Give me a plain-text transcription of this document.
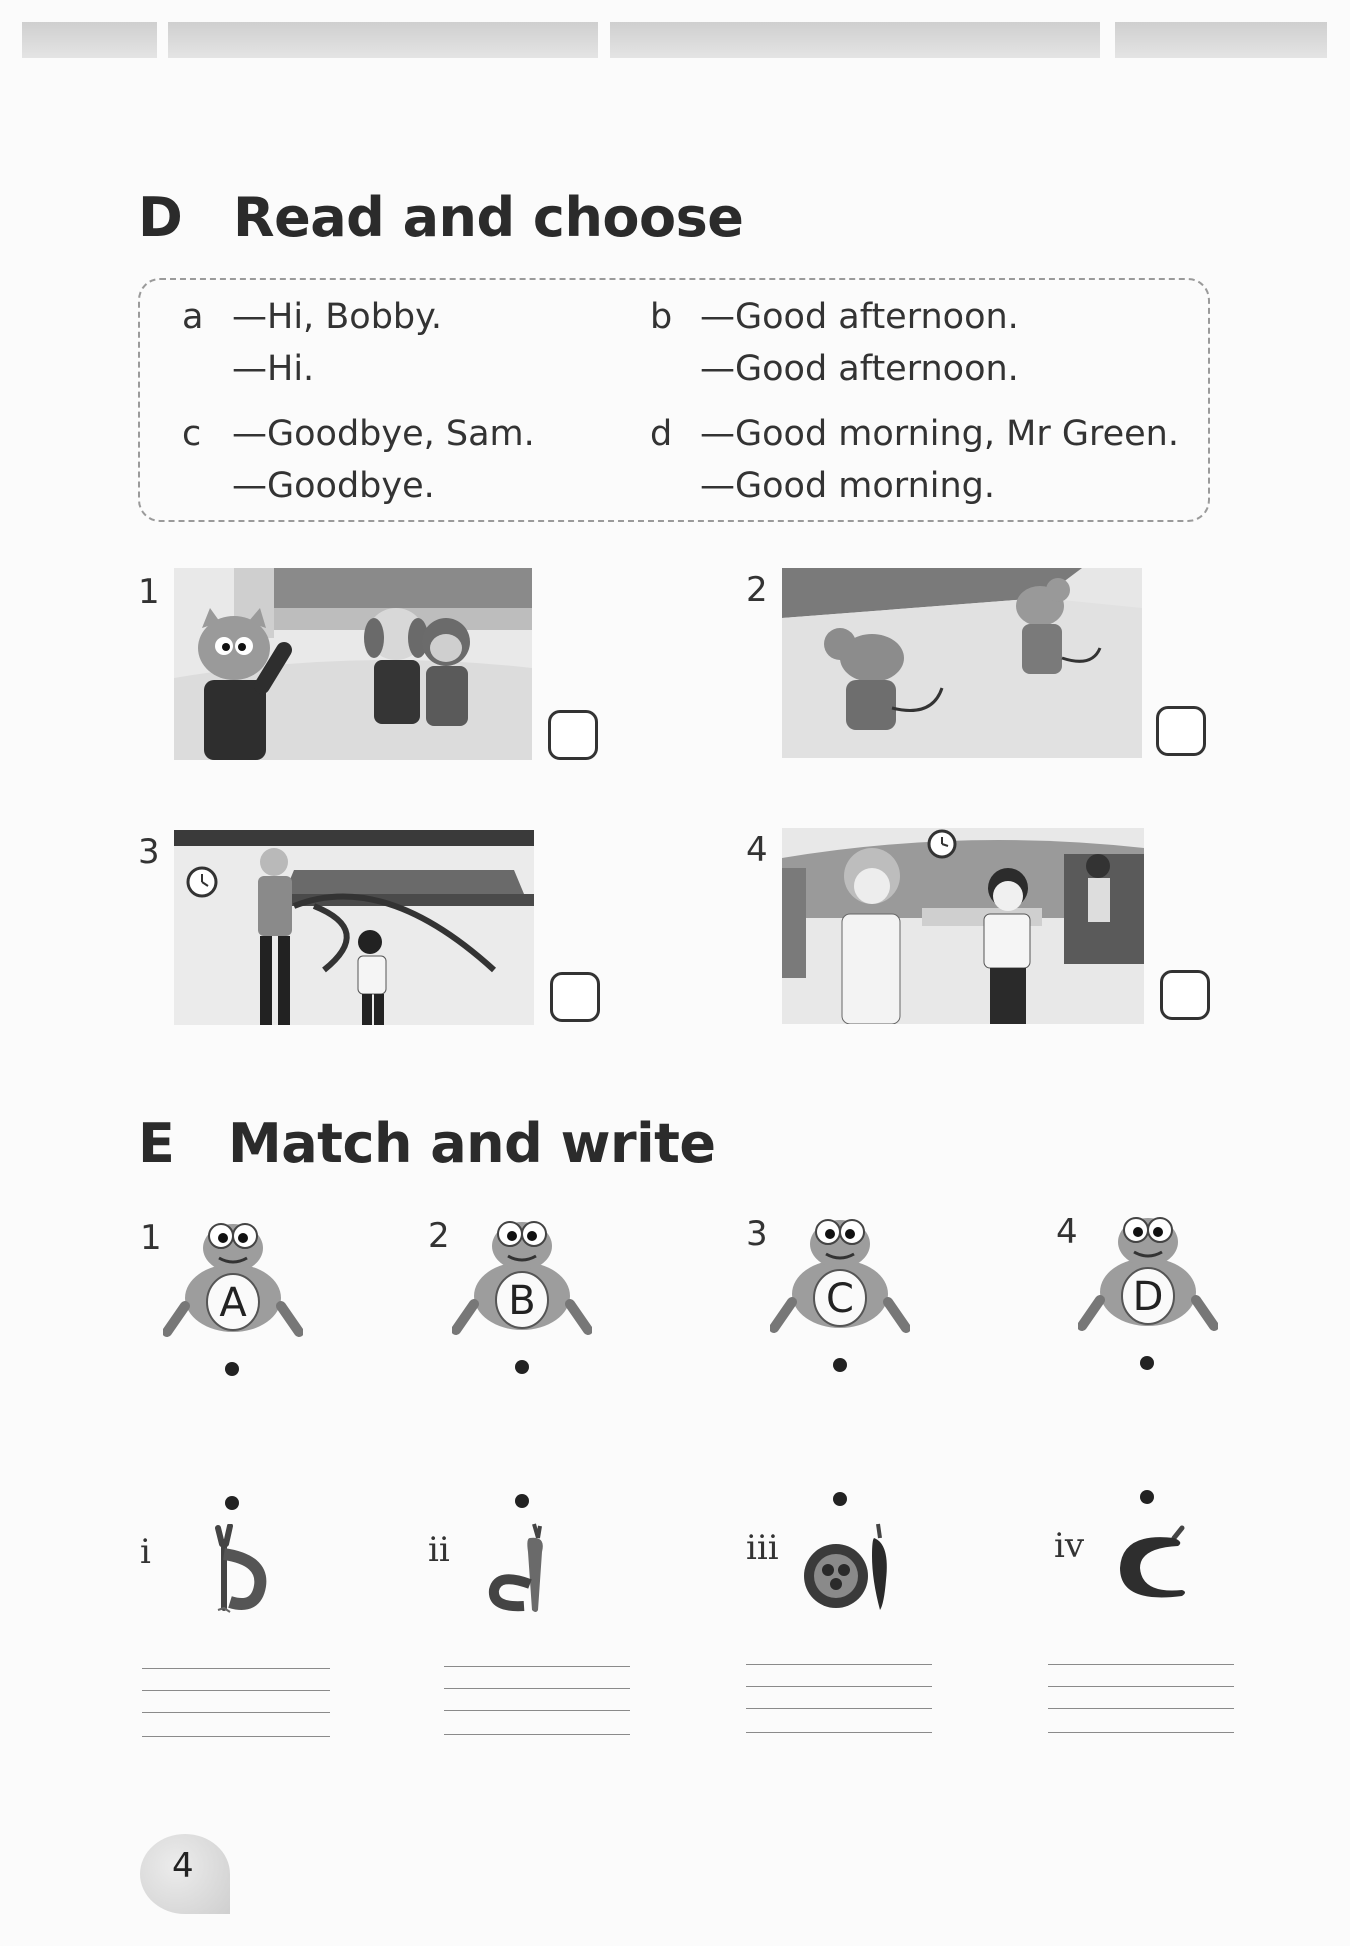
D Read and choose
a —Hi, Bobby.
—Hi.
b —Good afternoon.
—Good afternoon.
c —Goodbye, Sam.
—Goodbye.
d —Good morning, Mr Green.
—Good morning.
1	2
3	4
E Match and write
1	2	3	4
A	B	C	D
i	ii	iii	iv
4
